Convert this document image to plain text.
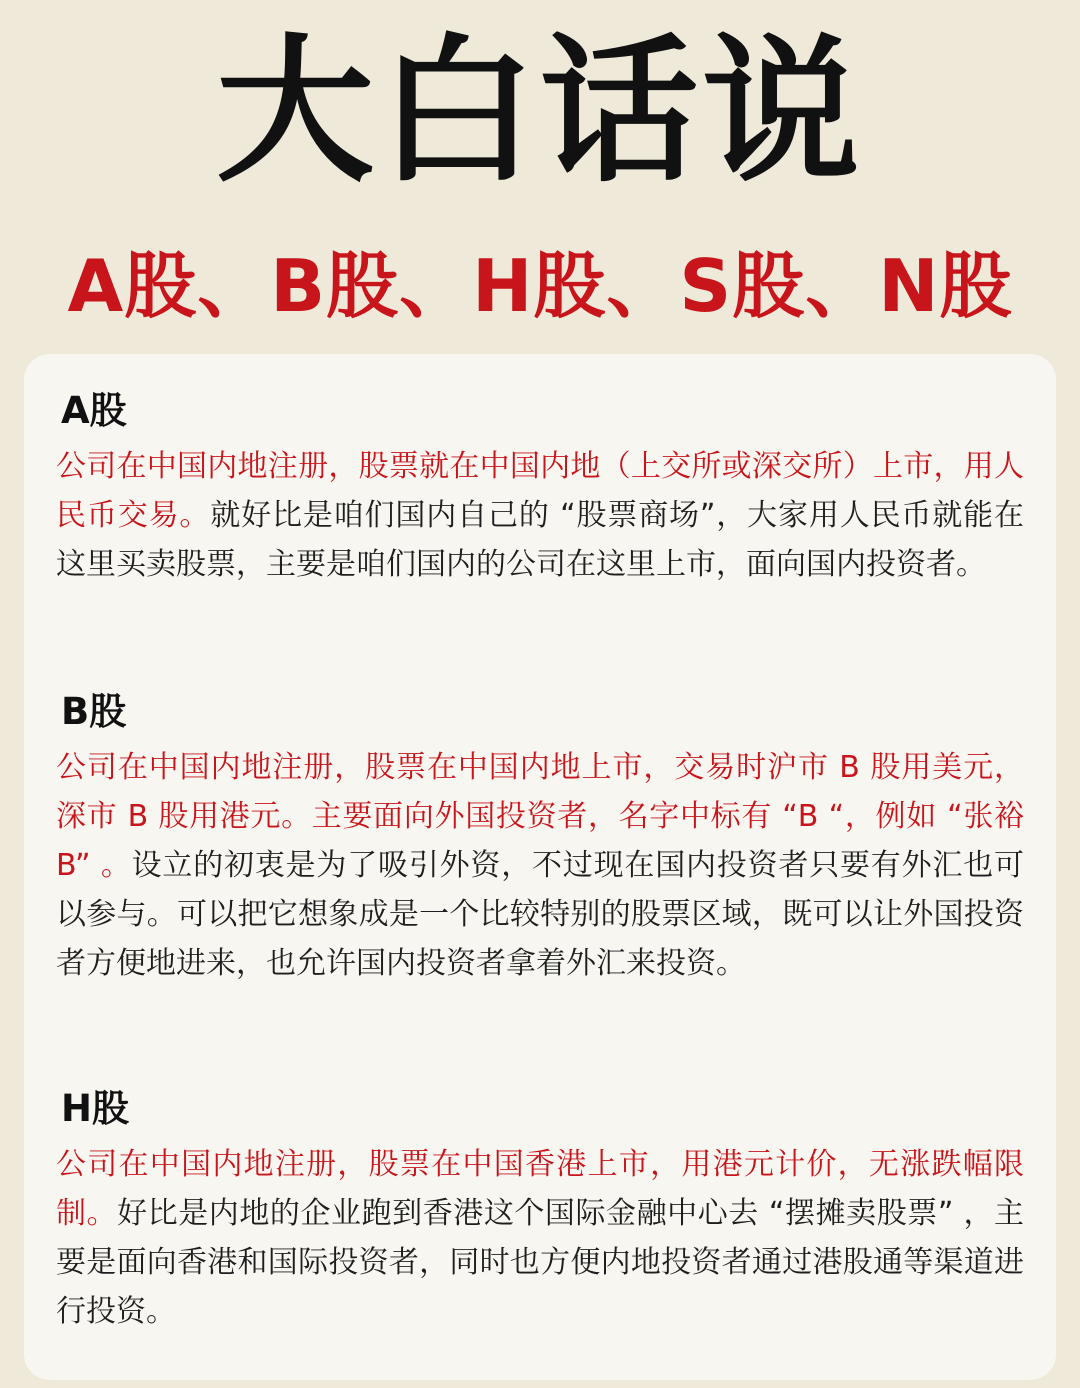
大白话说
A股、B股、H股、S股、N股
A股

公司在中国内地注册，股票就在中国内地（上交所或深交所）上市，用人民币交易。就好比是咱们国内自己的 “股票商场”，大家用人民币就能在这里买卖股票，主要是咱们国内的公司在这里上市，面向国内投资者。

B股

公司在中国内地注册，股票在中国内地上市，交易时沪市 B 股用美元，深市 B 股用港元。主要面向外国投资者，名字中标有 “B “，例如 “张裕 B” 。设立的初衷是为了吸引外资，不过现在国内投资者只要有外汇也可以参与。可以把它想象成是一个比较特别的股票区域，既可以让外国投资者方便地进来，也允许国内投资者拿着外汇来投资。

H股

公司在中国内地注册，股票在中国香港上市，用港元计价，无涨跌幅限制。好比是内地的企业跑到香港这个国际金融中心去 “摆摊卖股票” ，主要是面向香港和国际投资者，同时也方便内地投资者通过港股通等渠道进行投资。
